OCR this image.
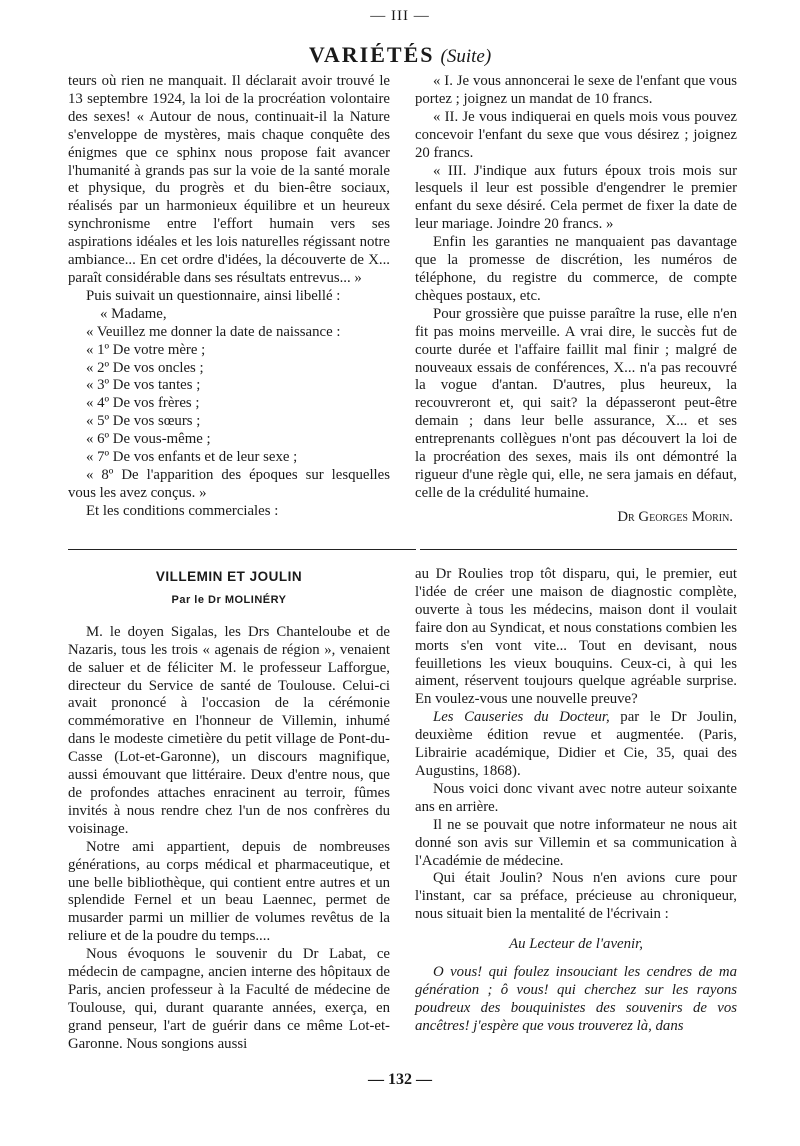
— III —
VARIÉTÉS (Suite)

teurs où rien ne manquait. Il déclarait avoir trouvé le 13 septembre 1924, la loi de la procréation volontaire des sexes! « Autour de nous, continuait-il la Nature s'enveloppe de mystères, mais chaque conquête des énigmes que ce sphinx nous propose fait avancer l'humanité à grands pas sur la voie de la santé morale et physique, du progrès et du bien-être sociaux, réalisés par un harmonieux équilibre et un heureux synchronisme entre l'effort humain vers ses aspirations idéales et les lois naturelles régissant notre ambiance... En cet ordre d'idées, la découverte de X... paraît considérable dans ses résultats entrevus... »

Puis suivait un questionnaire, ainsi libellé :

« Madame,

« Veuillez me donner la date de naissance :

« 1º De votre mère ;

« 2º De vos oncles ;

« 3º De vos tantes ;

« 4º De vos frères ;

« 5º De vos sœurs ;

« 6º De vous-même ;

« 7º De vos enfants et de leur sexe ;

« 8º De l'apparition des époques sur lesquelles vous les avez conçus. »

Et les conditions commerciales :

« I. Je vous annoncerai le sexe de l'enfant que vous portez ; joignez un mandat de 10 francs.

« II. Je vous indiquerai en quels mois vous pouvez concevoir l'enfant du sexe que vous désirez ; joignez 20 francs.

« III. J'indique aux futurs époux trois mois sur lesquels il leur est possible d'engendrer le premier enfant du sexe désiré. Cela permet de fixer la date de leur mariage. Joindre 20 francs. »

Enfin les garanties ne manquaient pas davantage que la promesse de discrétion, les numéros de téléphone, du registre du commerce, de compte chèques postaux, etc.

Pour grossière que puisse paraître la ruse, elle n'en fit pas moins merveille. A vrai dire, le succès fut de courte durée et l'affaire faillit mal finir ; malgré de nouveaux essais de conférences, X... n'a pas recouvré la vogue d'antan. D'autres, plus heureux, la recouvreront et, qui sait? la dépasseront peut-être demain ; dans leur belle assurance, X... et ses entreprenants collègues n'ont pas découvert la loi de la procréation des sexes, mais ils ont démontré la rigueur d'une règle qui, elle, ne sera jamais en défaut, celle de la crédulité humaine.

Dr Georges Morin.

VILLEMIN ET JOULIN
Par le Dr MOLINÉRY

M. le doyen Sigalas, les Drs Chanteloube et de Nazaris, tous les trois « agenais de région », venaient de saluer et de féliciter M. le professeur Lafforgue, directeur du Service de santé de Toulouse. Celui-ci avait prononcé à l'occasion de la cérémonie commémorative en l'honneur de Villemin, inhumé dans le modeste cimetière du petit village de Pont-du-Casse (Lot-et-Garonne), un discours magnifique, aussi émouvant que littéraire. Deux d'entre nous, que de profondes attaches enracinent au terroir, fûmes invités à nous rendre chez l'un de nos confrères du voisinage.

Notre ami appartient, depuis de nombreuses générations, au corps médical et pharmaceutique, et une belle bibliothèque, qui contient entre autres et un splendide Fernel et un beau Laennec, permet de musarder parmi un millier de volumes revêtus de la reliure et de la poudre du temps....

Nous évoquons le souvenir du Dr Labat, ce médecin de campagne, ancien interne des hôpitaux de Paris, ancien professeur à la Faculté de médecine de Toulouse, qui, durant quarante années, exerça, en grand penseur, l'art de guérir dans ce même Lot-et-Garonne. Nous songions aussi

au Dr Roulies trop tôt disparu, qui, le premier, eut l'idée de créer une maison de diagnostic complète, ouverte à tous les médecins, maison dont il voulait faire don au Syndicat, et nous constations combien les morts s'en vont vite... Tout en devisant, nous feuilletions les vieux bouquins. Ceux-ci, à qui les aiment, réservent toujours quelque agréable surprise. En voulez-vous une nouvelle preuve?

Les Causeries du Docteur, par le Dr Joulin, deuxième édition revue et augmentée. (Paris, Librairie académique, Didier et Cie, 35, quai des Augustins, 1868).

Nous voici donc vivant avec notre auteur soixante ans en arrière.

Il ne se pouvait que notre informateur ne nous ait donné son avis sur Villemin et sa communication à l'Académie de médecine.

Qui était Joulin? Nous n'en avions cure pour l'instant, car sa préface, précieuse au chroniqueur, nous situait bien la mentalité de l'écrivain :

Au Lecteur de l'avenir,

O vous! qui foulez insouciant les cendres de ma génération ; ô vous! qui cherchez sur les rayons poudreux des bouquinistes des souvenirs de vos ancêtres! j'espère que vous trouverez là, dans

— 132 —
